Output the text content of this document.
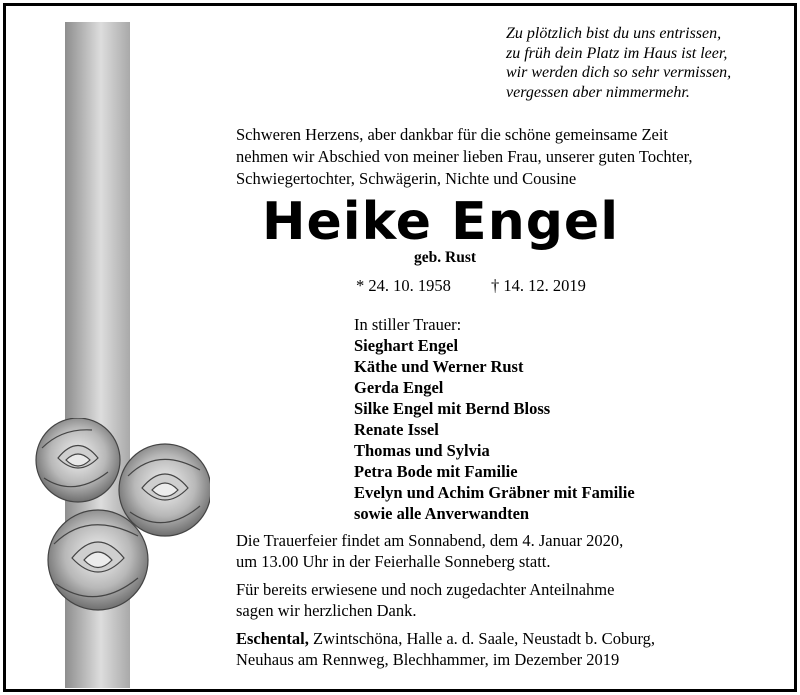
Zu plötzlich bist du uns entrissen,
zu früh dein Platz im Haus ist leer,
wir werden dich so sehr vermissen,
vergessen aber nimmermehr.
Schweren Herzens, aber dankbar für die schöne gemeinsame Zeit
nehmen wir Abschied von meiner lieben Frau, unserer guten Tochter,
Schwiegertochter, Schwägerin, Nichte und Cousine
Heike Engel
geb. Rust
* 24. 10. 1958 † 14. 12. 2019
In stiller Trauer:
Sieghart Engel
Käthe und Werner Rust
Gerda Engel
Silke Engel mit Bernd Bloss
Renate Issel
Thomas und Sylvia
Petra Bode mit Familie
Evelyn und Achim Gräbner mit Familie
sowie alle Anverwandten

Die Trauerfeier findet am Sonnabend, dem 4. Januar 2020,
um 13.00 Uhr in der Feierhalle Sonneberg statt.

Für bereits erwiesene und noch zugedachter Anteilnahme
sagen wir herzlichen Dank.

Eschental, Zwintschöna, Halle a. d. Saale, Neustadt b. Coburg,
Neuhaus am Rennweg, Blechhammer, im Dezember 2019
